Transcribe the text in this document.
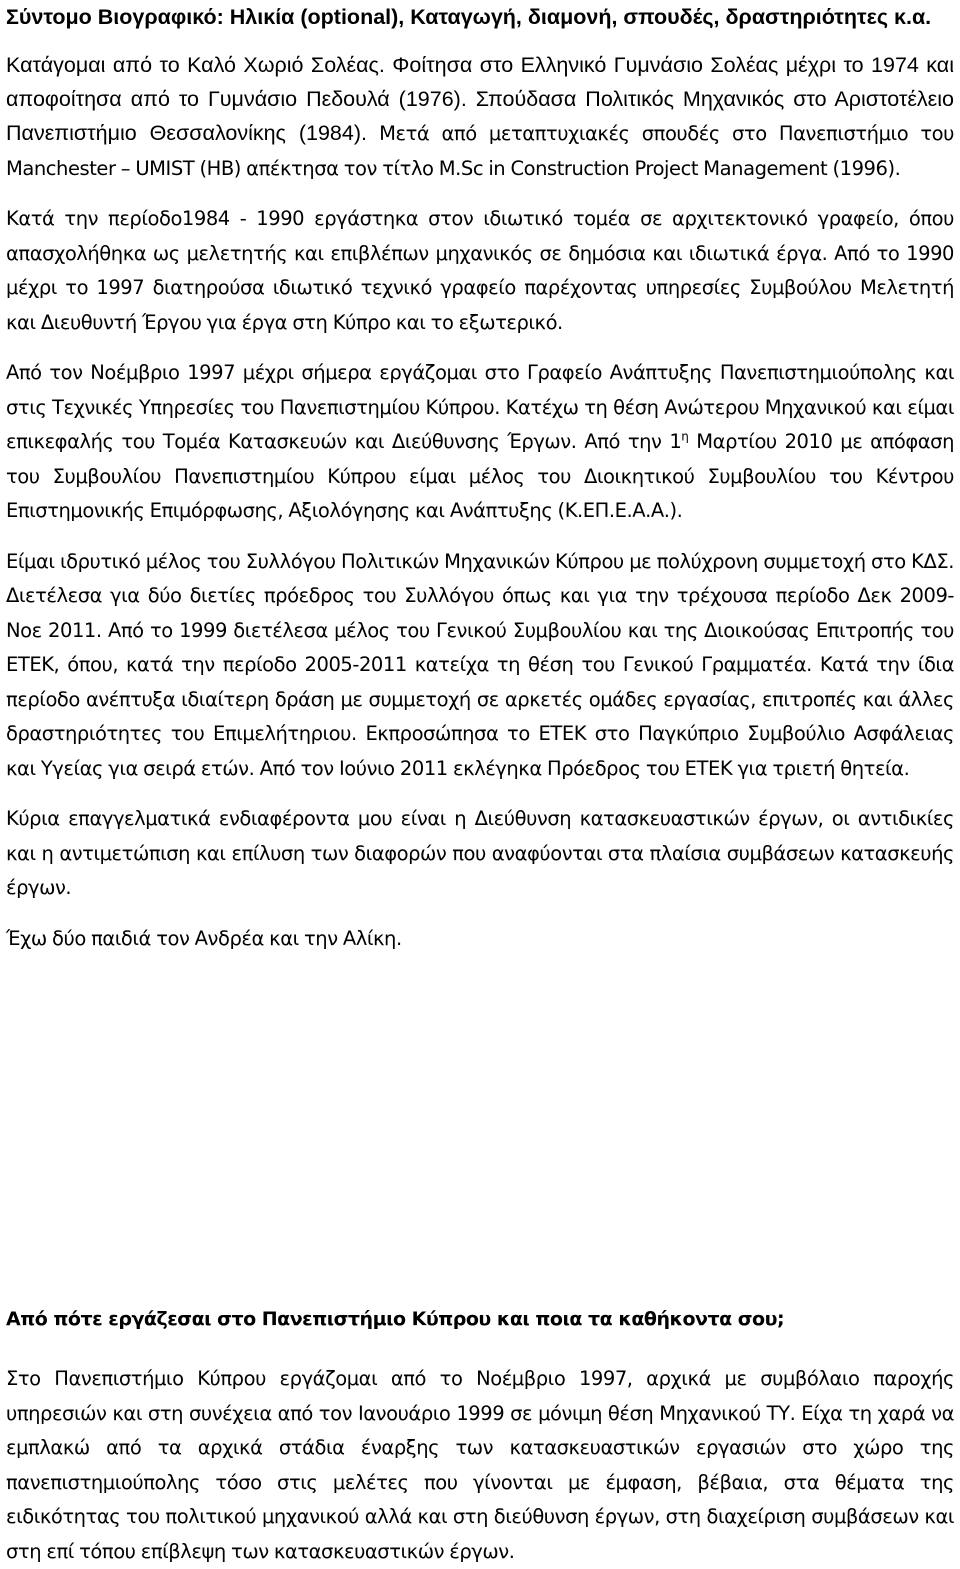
Σύντομο Βιογραφικό: Ηλικία (optional), Καταγωγή, διαμονή, σπουδές, δραστηριότητες κ.α.

Κατάγομαι από το Καλό Χωριό Σολέας. Φοίτησα στο Ελληνικό Γυμνάσιο Σολέας μέχρι το 1974 και αποφοίτησα από το Γυμνάσιο Πεδουλά (1976). Σπούδασα Πολιτικός Μηχανικός στο Αριστοτέλειο Πανεπιστήμιο Θεσσαλονίκης (1984). Μετά από μεταπτυχιακές σπουδές στο Πανεπιστήμιο του Manchester – UMIST (ΗΒ) απέκτησα τον τίτλο M.Sc in Construction Project Management (1996).

Κατά την περίοδο1984 - 1990 εργάστηκα στον ιδιωτικό τομέα σε αρχιτεκτονικό γραφείο, όπου απασχολήθηκα ως μελετητής και επιβλέπων μηχανικός σε δημόσια και ιδιωτικά έργα. Από το 1990 μέχρι το 1997 διατηρούσα ιδιωτικό τεχνικό γραφείο παρέχοντας υπηρεσίες Συμβούλου Μελετητή και Διευθυντή Έργου για έργα στη Κύπρο και το εξωτερικό.

Από τον Νοέμβριο 1997 μέχρι σήμερα εργάζομαι στο Γραφείο Ανάπτυξης Πανεπιστημιούπολης και στις Τεχνικές Υπηρεσίες του Πανεπιστημίου Κύπρου. Κατέχω τη θέση Ανώτερου Μηχανικού και είμαι επικεφαλής του Τομέα Κατασκευών και Διεύθυνσης Έργων. Από την $1^\eta$ Μαρτίου 2010 με απόφαση του Συμβουλίου Πανεπιστημίου Κύπρου είμαι μέλος του Διοικητικού Συμβουλίου του Κέντρου Επιστημονικής Επιμόρφωσης, Αξιολόγησης και Ανάπτυξης (Κ.ΕΠ.Ε.Α.Α.).

Είμαι ιδρυτικό μέλος του Συλλόγου Πολιτικών Μηχανικών Κύπρου με πολύχρονη συμμετοχή στο ΚΔΣ. Διετέλεσα για δύο διετίες πρόεδρος του Συλλόγου όπως και για την τρέχουσα περίοδο Δεκ 2009- Νοε 2011. Από το 1999 διετέλεσα μέλος του Γενικού Συμβουλίου και της Διοικούσας Επιτροπής του ΕΤΕΚ, όπου, κατά την περίοδο 2005-2011 κατείχα τη θέση του Γενικού Γραμματέα. Κατά την ίδια περίοδο ανέπτυξα ιδιαίτερη δράση με συμμετοχή σε αρκετές ομάδες εργασίας, επιτροπές και άλλες δραστηριότητες του Επιμελήτηριου. Εκπροσώπησα το ΕΤΕΚ στο Παγκύπριο Συμβούλιο Ασφάλειας και Υγείας για σειρά ετών. Από τον Ιούνιο 2011 εκλέγηκα Πρόεδρος του ΕΤΕΚ για τριετή θητεία.

Κύρια επαγγελματικά ενδιαφέροντα μου είναι η Διεύθυνση κατασκευαστικών έργων, οι αντιδικίες και η αντιμετώπιση και επίλυση των διαφορών που αναφύονται στα πλαίσια συμβάσεων κατασκευής έργων.

Έχω δύο παιδιά τον Ανδρέα και την Αλίκη.

Από πότε εργάζεσαι στο Πανεπιστήμιο Κύπρου και ποια τα καθήκοντα σου;

Στο Πανεπιστήμιο Κύπρου εργάζομαι από το Νοέμβριο 1997, αρχικά με συμβόλαιο παροχής υπηρεσιών και στη συνέχεια από τον Ιανουάριο 1999 σε μόνιμη θέση Μηχανικού ΤΥ. Είχα τη χαρά να εμπλακώ από τα αρχικά στάδια έναρξης των κατασκευαστικών εργασιών στο χώρο της πανεπιστημιούπολης τόσο στις μελέτες που γίνονται με έμφαση, βέβαια, στα θέματα της ειδικότητας του πολιτικού μηχανικού αλλά και στη διεύθυνση έργων, στη διαχείριση συμβάσεων και στη επί τόπου επίβλεψη των κατασκευαστικών έργων.
